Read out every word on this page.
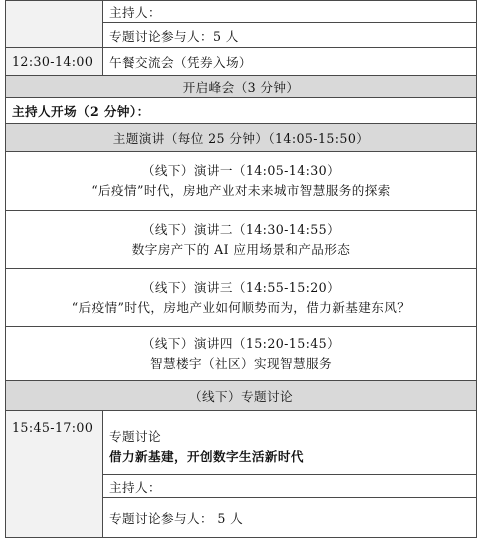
	主持人：
	专题讨论参与人：5 人
12:30-14:00	午餐交流会（凭券入场）
开启峰会（3 分钟）	
主持人开场（2 分钟）：	
主题演讲（每位 25 分钟）（14:05-15:50）	

（线下）演讲一（14:05-14:30）
“后疫情”时代，房地产业对未来城市智慧服务的探索	

（线下）演讲二（14:30-14:55）
数字房产下的 AI 应用场景和产品形态	

（线下）演讲三（14:55-15:20）
“后疫情”时代，房地产业如何顺势而为，借力新基建东风？	

（线下）演讲四（15:20-15:45）
智慧楼宇（社区）实现智慧服务	

（线下）专题讨论	
15:45-17:00	专题讨论
借力新基建，开创数字生活新时代

	主持人：
	专题讨论参与人： 5 人
